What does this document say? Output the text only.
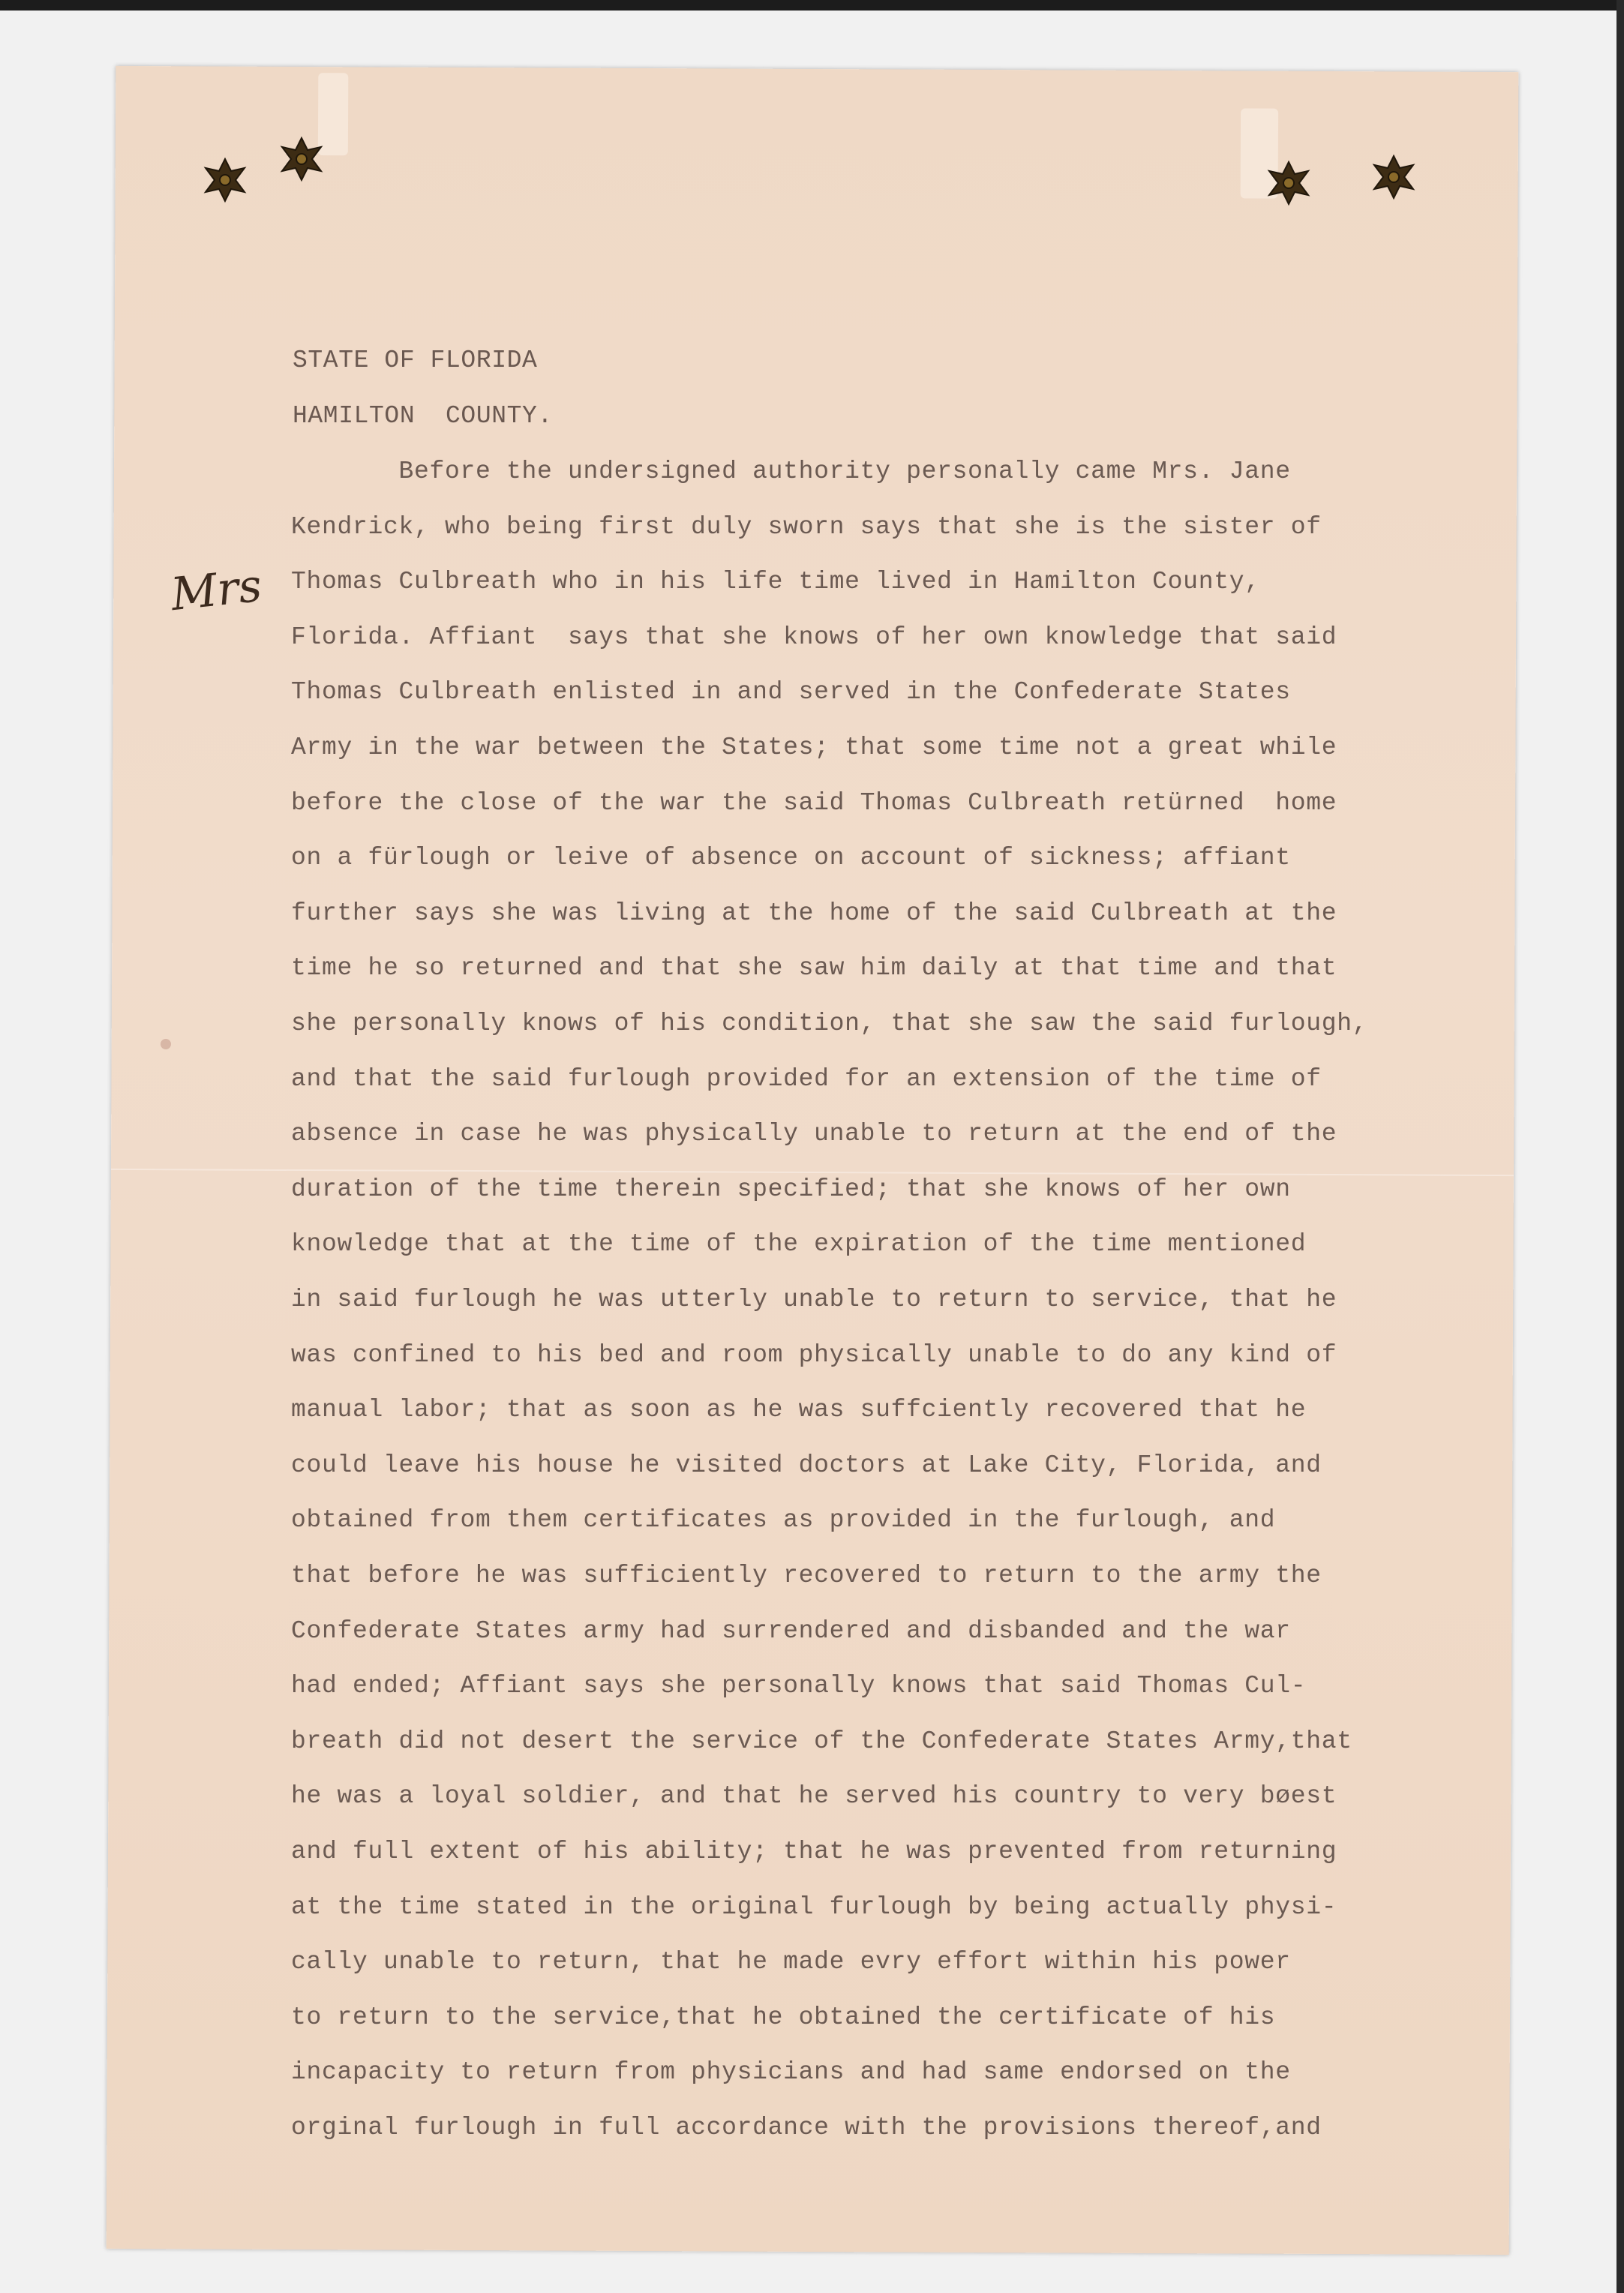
STATE OF FLORIDA
HAMILTON  COUNTY.
Mrs
Before the undersigned authority personally came Mrs. Jane
Kendrick, who being first duly sworn says that she is the sister of
Thomas Culbreath who in his life time lived in Hamilton County,
Florida. Affiant  says that she knows of her own knowledge that said
Thomas Culbreath enlisted in and served in the Confederate States
Army in the war between the States; that some time not a great while
before the close of the war the said Thomas Culbreath retürned  home
on a fürlough or leive of absence on account of sickness; affiant
further says she was living at the home of the said Culbreath at the
time he so returned and that she saw him daily at that time and that
she personally knows of his condition, that she saw the said furlough,
and that the said furlough provided for an extension of the time of
absence in case he was physically unable to return at the end of the
duration of the time therein specified; that she knows of her own
knowledge that at the time of the expiration of the time mentioned
in said furlough he was utterly unable to return to service, that he
was confined to his bed and room physically unable to do any kind of
manual labor; that as soon as he was suffciently recovered that he
could leave his house he visited doctors at Lake City, Florida, and
obtained from them certificates as provided in the furlough, and
that before he was sufficiently recovered to return to the army the
Confederate States army had surrendered and disbanded and the war
had ended; Affiant says she personally knows that said Thomas Cul-
breath did not desert the service of the Confederate States Army,that
he was a loyal soldier, and that he served his country to very bøest
and full extent of his ability; that he was prevented from returning
at the time stated in the original furlough by being actually physi-
cally unable to return, that he made evry effort within his power
to return to the service,that he obtained the certificate of his
incapacity to return from physicians and had same endorsed on the
orginal furlough in full accordance with the provisions thereof,and
